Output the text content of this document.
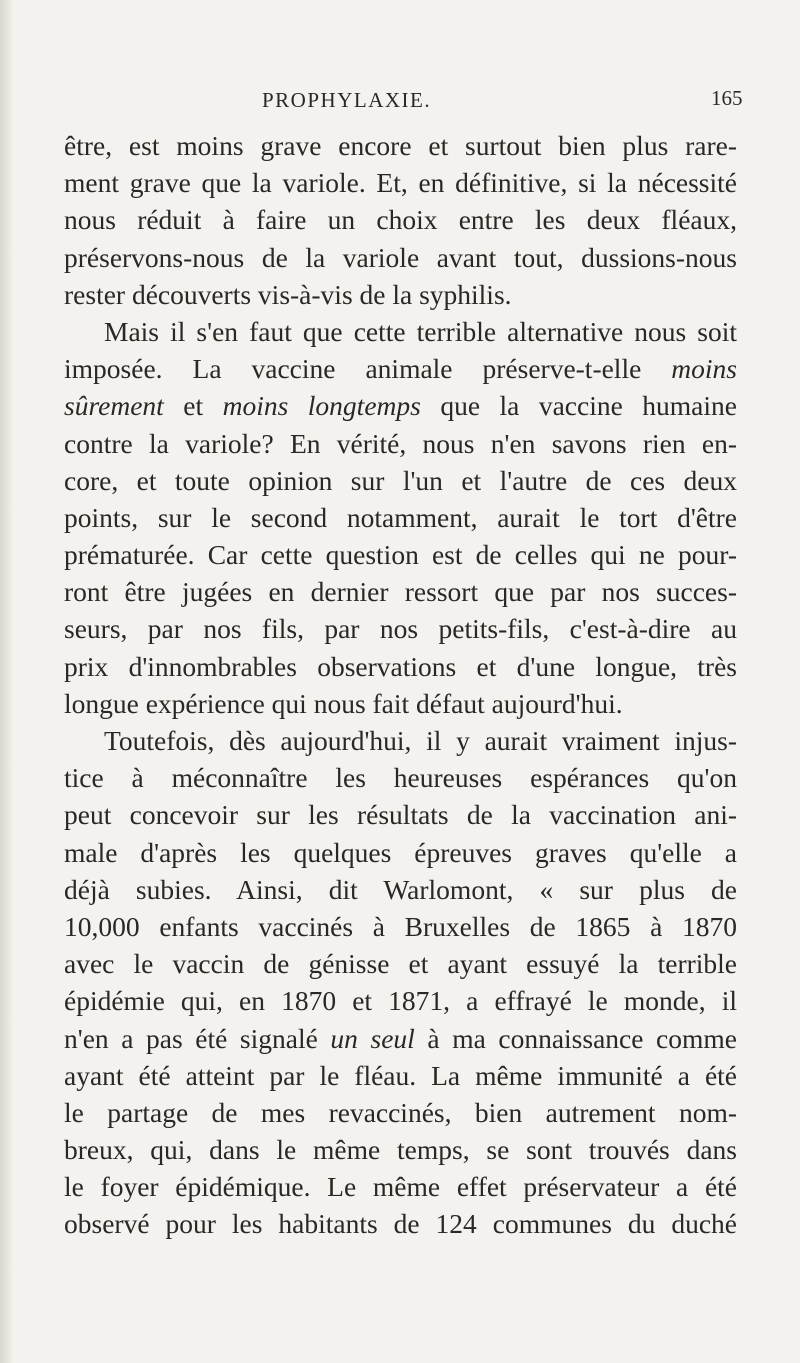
PROPHYLAXIE.	165
être, est moins grave encore et surtout bien plus rare-
ment grave que la variole. Et, en définitive, si la nécessité
nous réduit à faire un choix entre les deux fléaux,
préservons-nous de la variole avant tout, dussions-nous
rester découverts vis-à-vis de la syphilis.
Mais il s'en faut que cette terrible alternative nous soit
imposée. La vaccine animale préserve-t-elle moins
sûrement et moins longtemps que la vaccine humaine
contre la variole? En vérité, nous n'en savons rien en-
core, et toute opinion sur l'un et l'autre de ces deux
points, sur le second notamment, aurait le tort d'être
prématurée. Car cette question est de celles qui ne pour-
ront être jugées en dernier ressort que par nos succes-
seurs, par nos fils, par nos petits-fils, c'est-à-dire au
prix d'innombrables observations et d'une longue, très
longue expérience qui nous fait défaut aujourd'hui.
Toutefois, dès aujourd'hui, il y aurait vraiment injus-
tice à méconnaître les heureuses espérances qu'on
peut concevoir sur les résultats de la vaccination ani-
male d'après les quelques épreuves graves qu'elle a
déjà subies. Ainsi, dit Warlomont, « sur plus de
10,000 enfants vaccinés à Bruxelles de 1865 à 1870
avec le vaccin de génisse et ayant essuyé la terrible
épidémie qui, en 1870 et 1871, a effrayé le monde, il
n'en a pas été signalé un seul à ma connaissance comme
ayant été atteint par le fléau. La même immunité a été
le partage de mes revaccinés, bien autrement nom-
breux, qui, dans le même temps, se sont trouvés dans
le foyer épidémique. Le même effet préservateur a été
observé pour les habitants de 124 communes du duché
